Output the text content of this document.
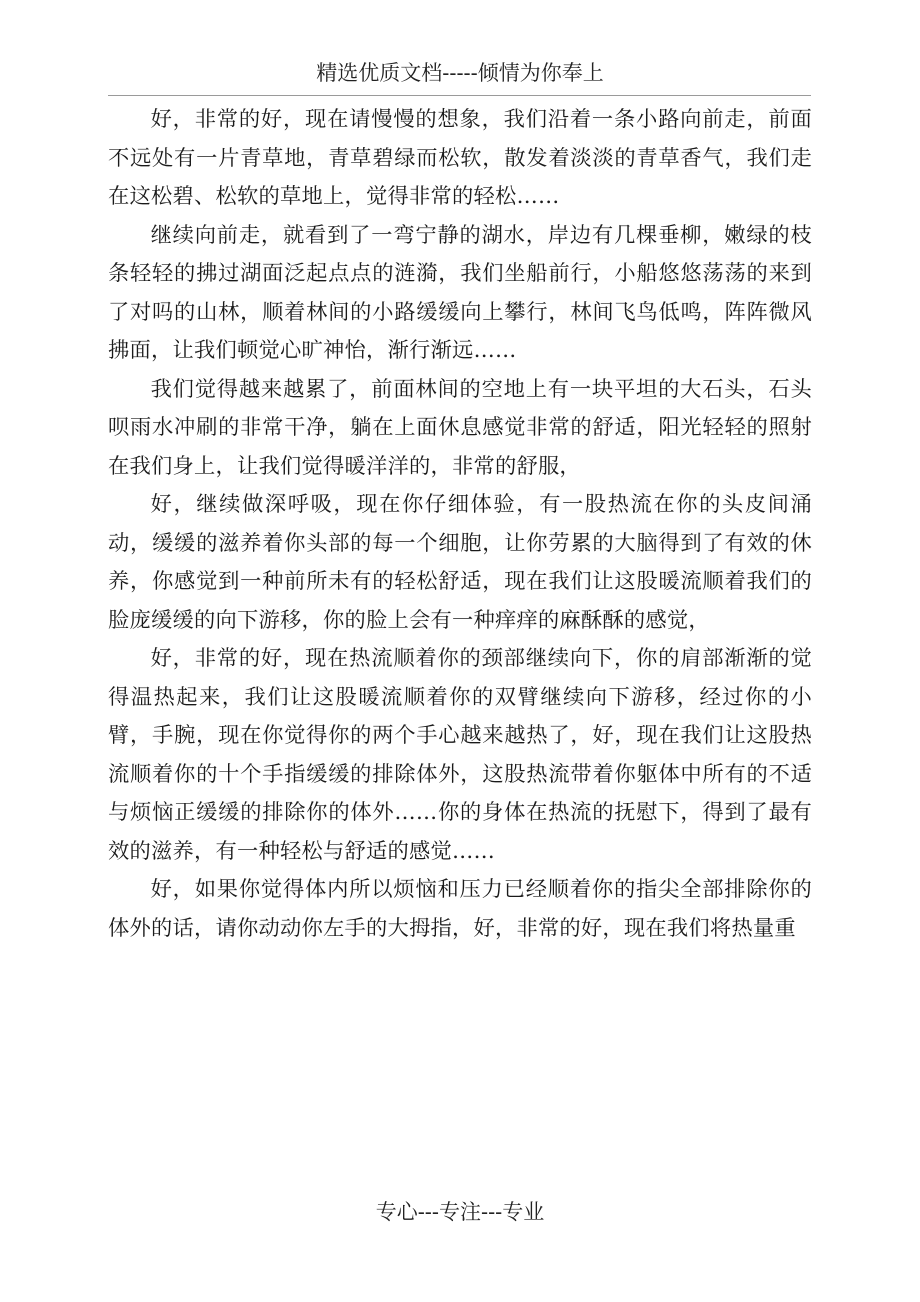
精选优质文档-----倾情为你奉上

好，非常的好，现在请慢慢的想象，我们沿着一条小路向前走，前面不远处有一片青草地，青草碧绿而松软，散发着淡淡的青草香气，我们走在这松碧、松软的草地上，觉得非常的轻松……

继续向前走，就看到了一弯宁静的湖水，岸边有几棵垂柳，嫩绿的枝条轻轻的拂过湖面泛起点点的涟漪，我们坐船前行，小船悠悠荡荡的来到了对吗的山林，顺着林间的小路缓缓向上攀行，林间飞鸟低鸣，阵阵微风拂面，让我们顿觉心旷神怡，渐行渐远……

我们觉得越来越累了，前面林间的空地上有一块平坦的大石头，石头呗雨水冲刷的非常干净，躺在上面休息感觉非常的舒适，阳光轻轻的照射在我们身上，让我们觉得暖洋洋的，非常的舒服，

好，继续做深呼吸，现在你仔细体验，有一股热流在你的头皮间涌动，缓缓的滋养着你头部的每一个细胞，让你劳累的大脑得到了有效的休养，你感觉到一种前所未有的轻松舒适，现在我们让这股暖流顺着我们的脸庞缓缓的向下游移，你的脸上会有一种痒痒的麻酥酥的感觉，

好，非常的好，现在热流顺着你的颈部继续向下，你的肩部渐渐的觉得温热起来，我们让这股暖流顺着你的双臂继续向下游移，经过你的小臂，手腕，现在你觉得你的两个手心越来越热了，好，现在我们让这股热流顺着你的十个手指缓缓的排除体外，这股热流带着你躯体中所有的不适与烦恼正缓缓的排除你的体外……你的身体在热流的抚慰下，得到了最有效的滋养，有一种轻松与舒适的感觉……

好，如果你觉得体内所以烦恼和压力已经顺着你的指尖全部排除你的体外的话，请你动动你左手的大拇指，好，非常的好，现在我们将热量重

专心---专注---专业
